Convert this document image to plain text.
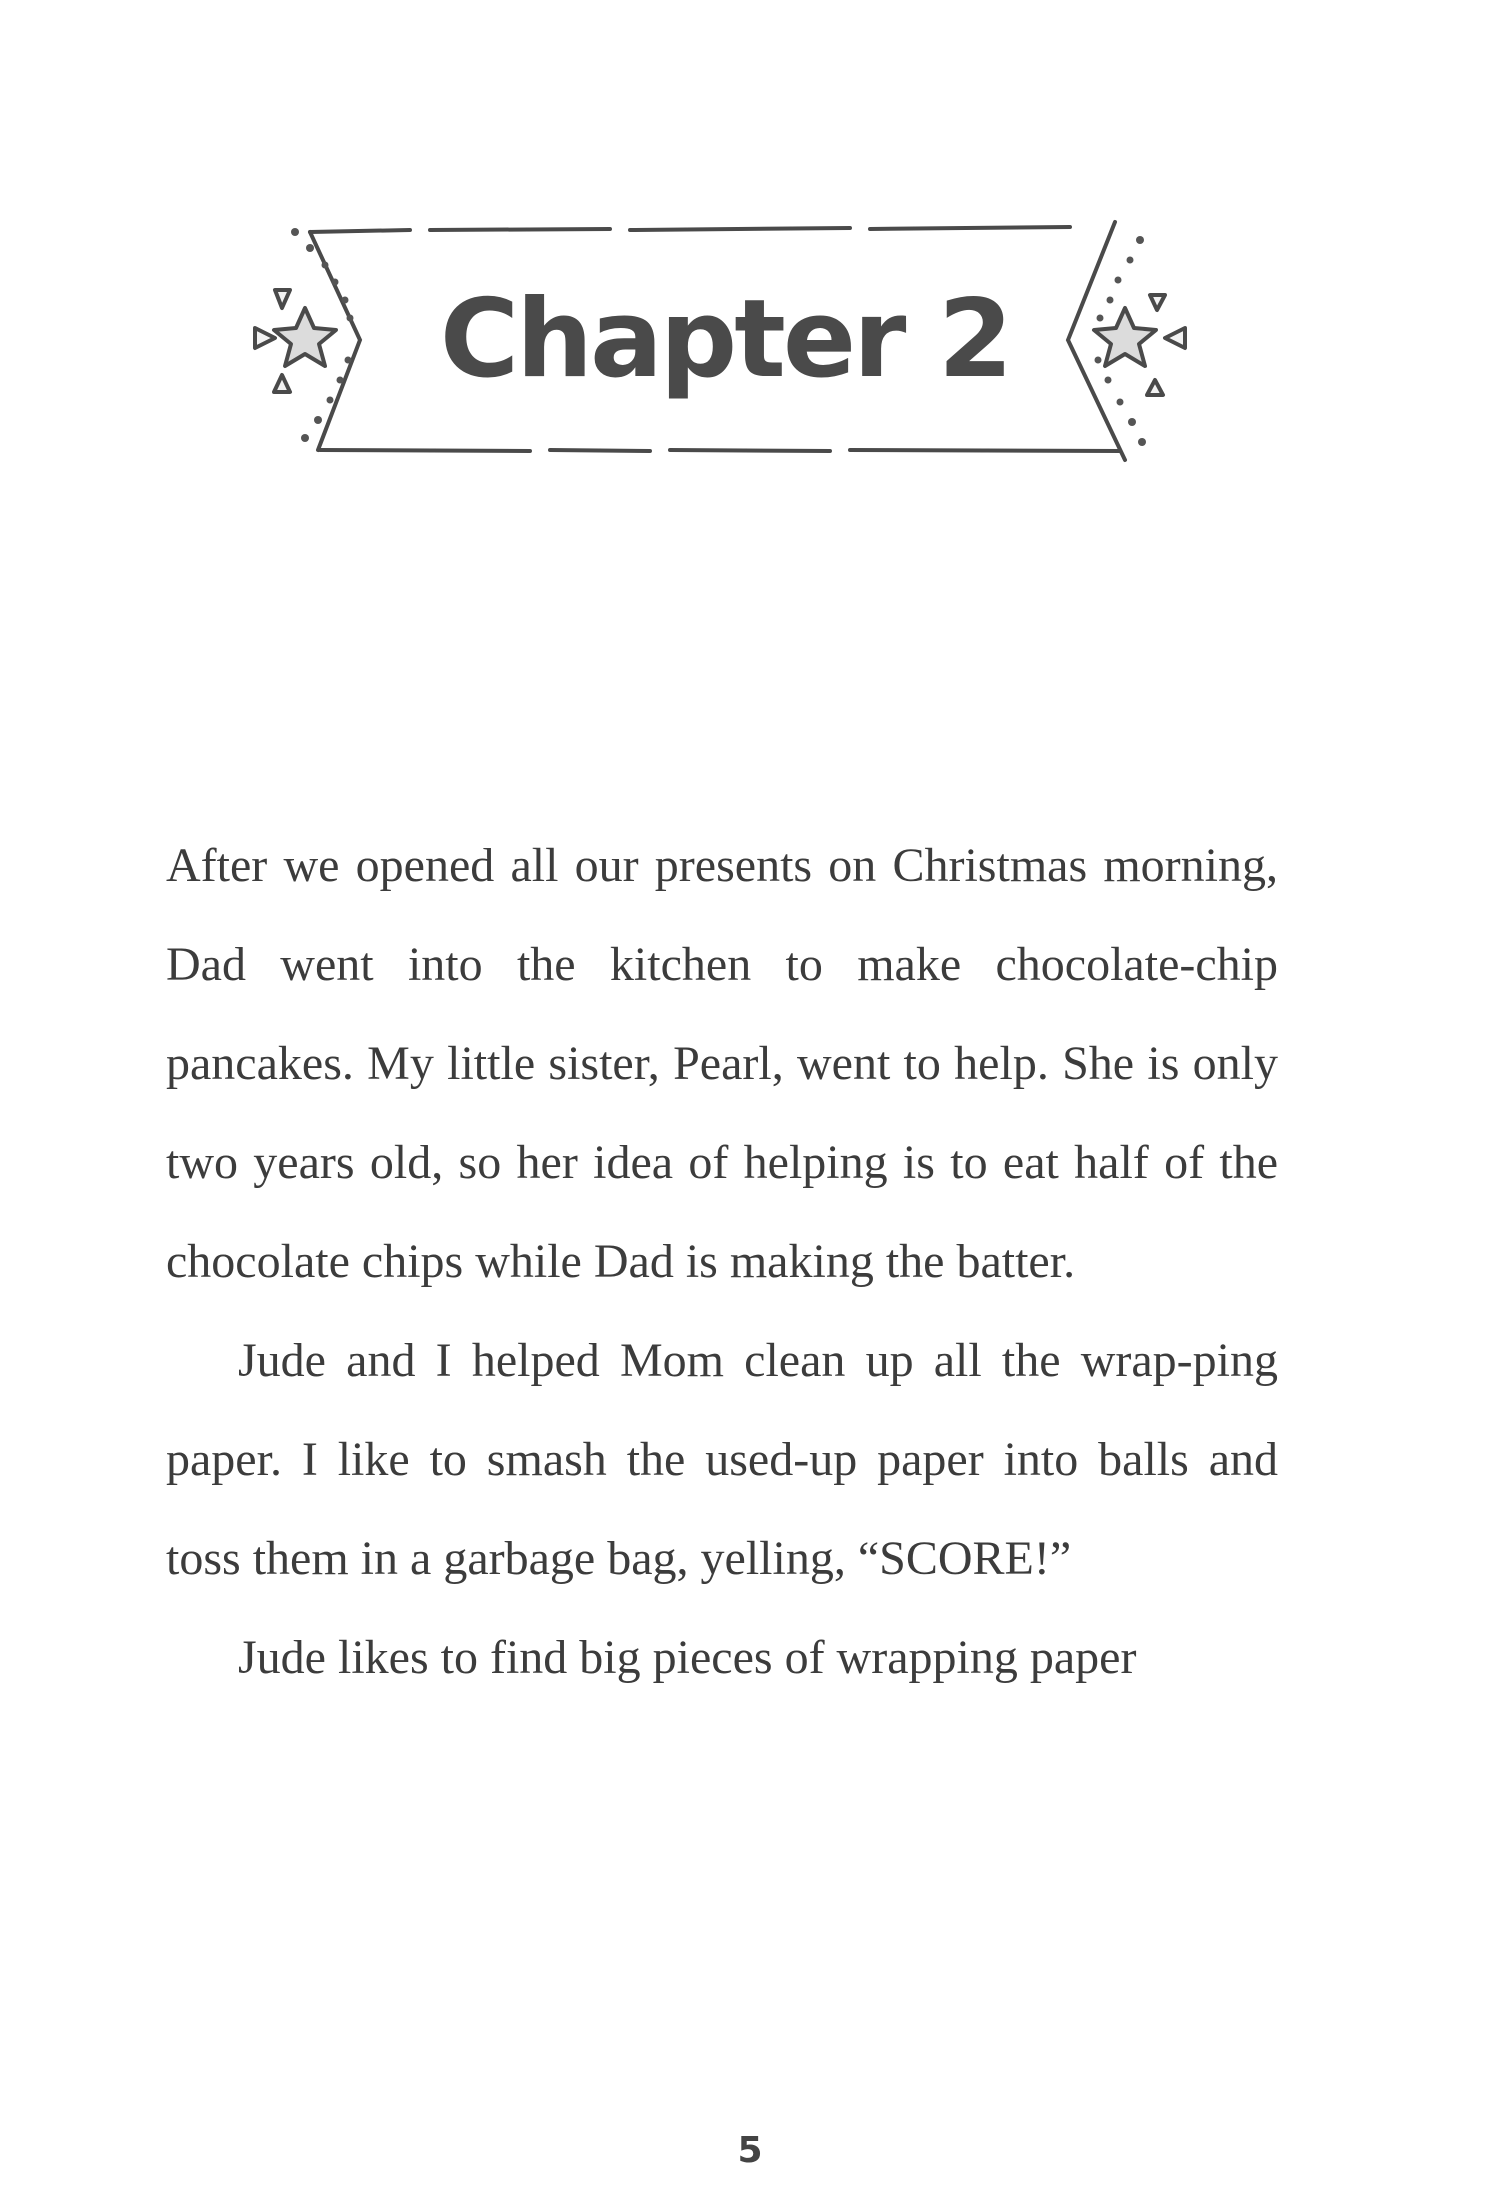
Chapter 2

After we opened all our presents on Christmas morning, Dad went into the kitchen to make chocolate-chip pancakes. My little sister, Pearl, went to help. She is only two years old, so her idea of helping is to eat half of the chocolate chips while Dad is making the batter.

Jude and I helped Mom clean up all the wrap-ping paper. I like to smash the used-up paper into balls and toss them in a garbage bag, yelling, “SCORE!”

Jude likes to find big pieces of wrapping paper

5
